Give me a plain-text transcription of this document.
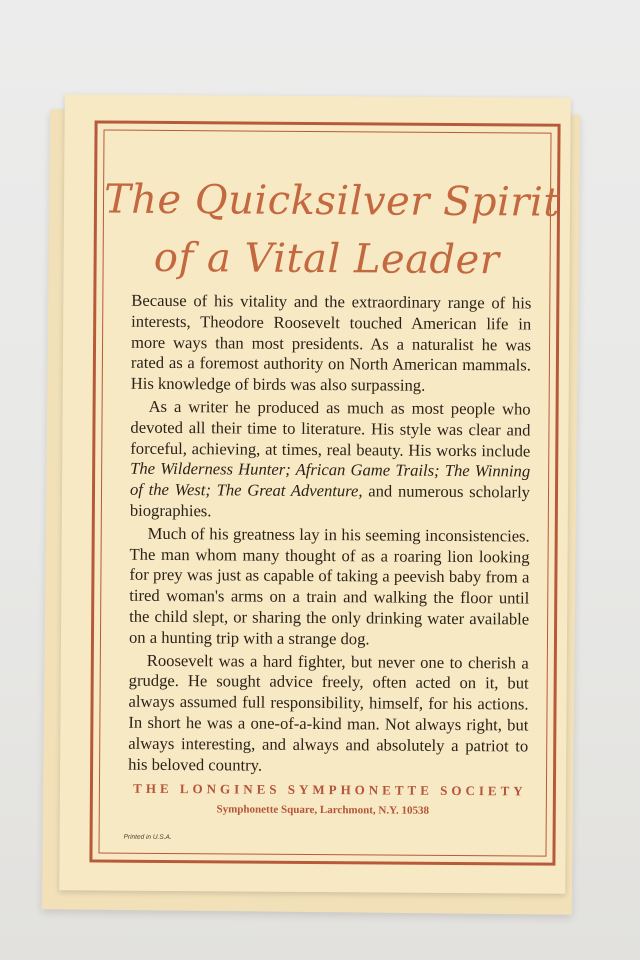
The Quicksilver Spirit
of a Vital Leader

Because of his vitality and the extraordinary range of his interests, Theodore Roosevelt touched American life in more ways than most presidents. As a naturalist he was rated as a foremost authority on North American mammals. His knowledge of birds was also surpassing.

As a writer he produced as much as most people who devoted all their time to literature. His style was clear and forceful, achieving, at times, real beauty. His works include The Wilderness Hunter; African Game Trails; The Winning of the West; The Great Adventure, and numerous scholarly biographies.

Much of his greatness lay in his seeming inconsistencies. The man whom many thought of as a roaring lion looking for prey was just as capable of taking a peevish baby from a tired woman's arms on a train and walking the floor until the child slept, or sharing the only drinking water available on a hunting trip with a strange dog.

Roosevelt was a hard fighter, but never one to cherish a grudge. He sought advice freely, often acted on it, but always assumed full responsibility, himself, for his actions. In short he was a one-of-a-kind man. Not always right, but always interesting, and always and absolutely a patriot to his beloved country.

THE LONGINES SYMPHONETTE SOCIETY
Symphonette Square, Larchmont, N.Y. 10538
Printed in U.S.A.
